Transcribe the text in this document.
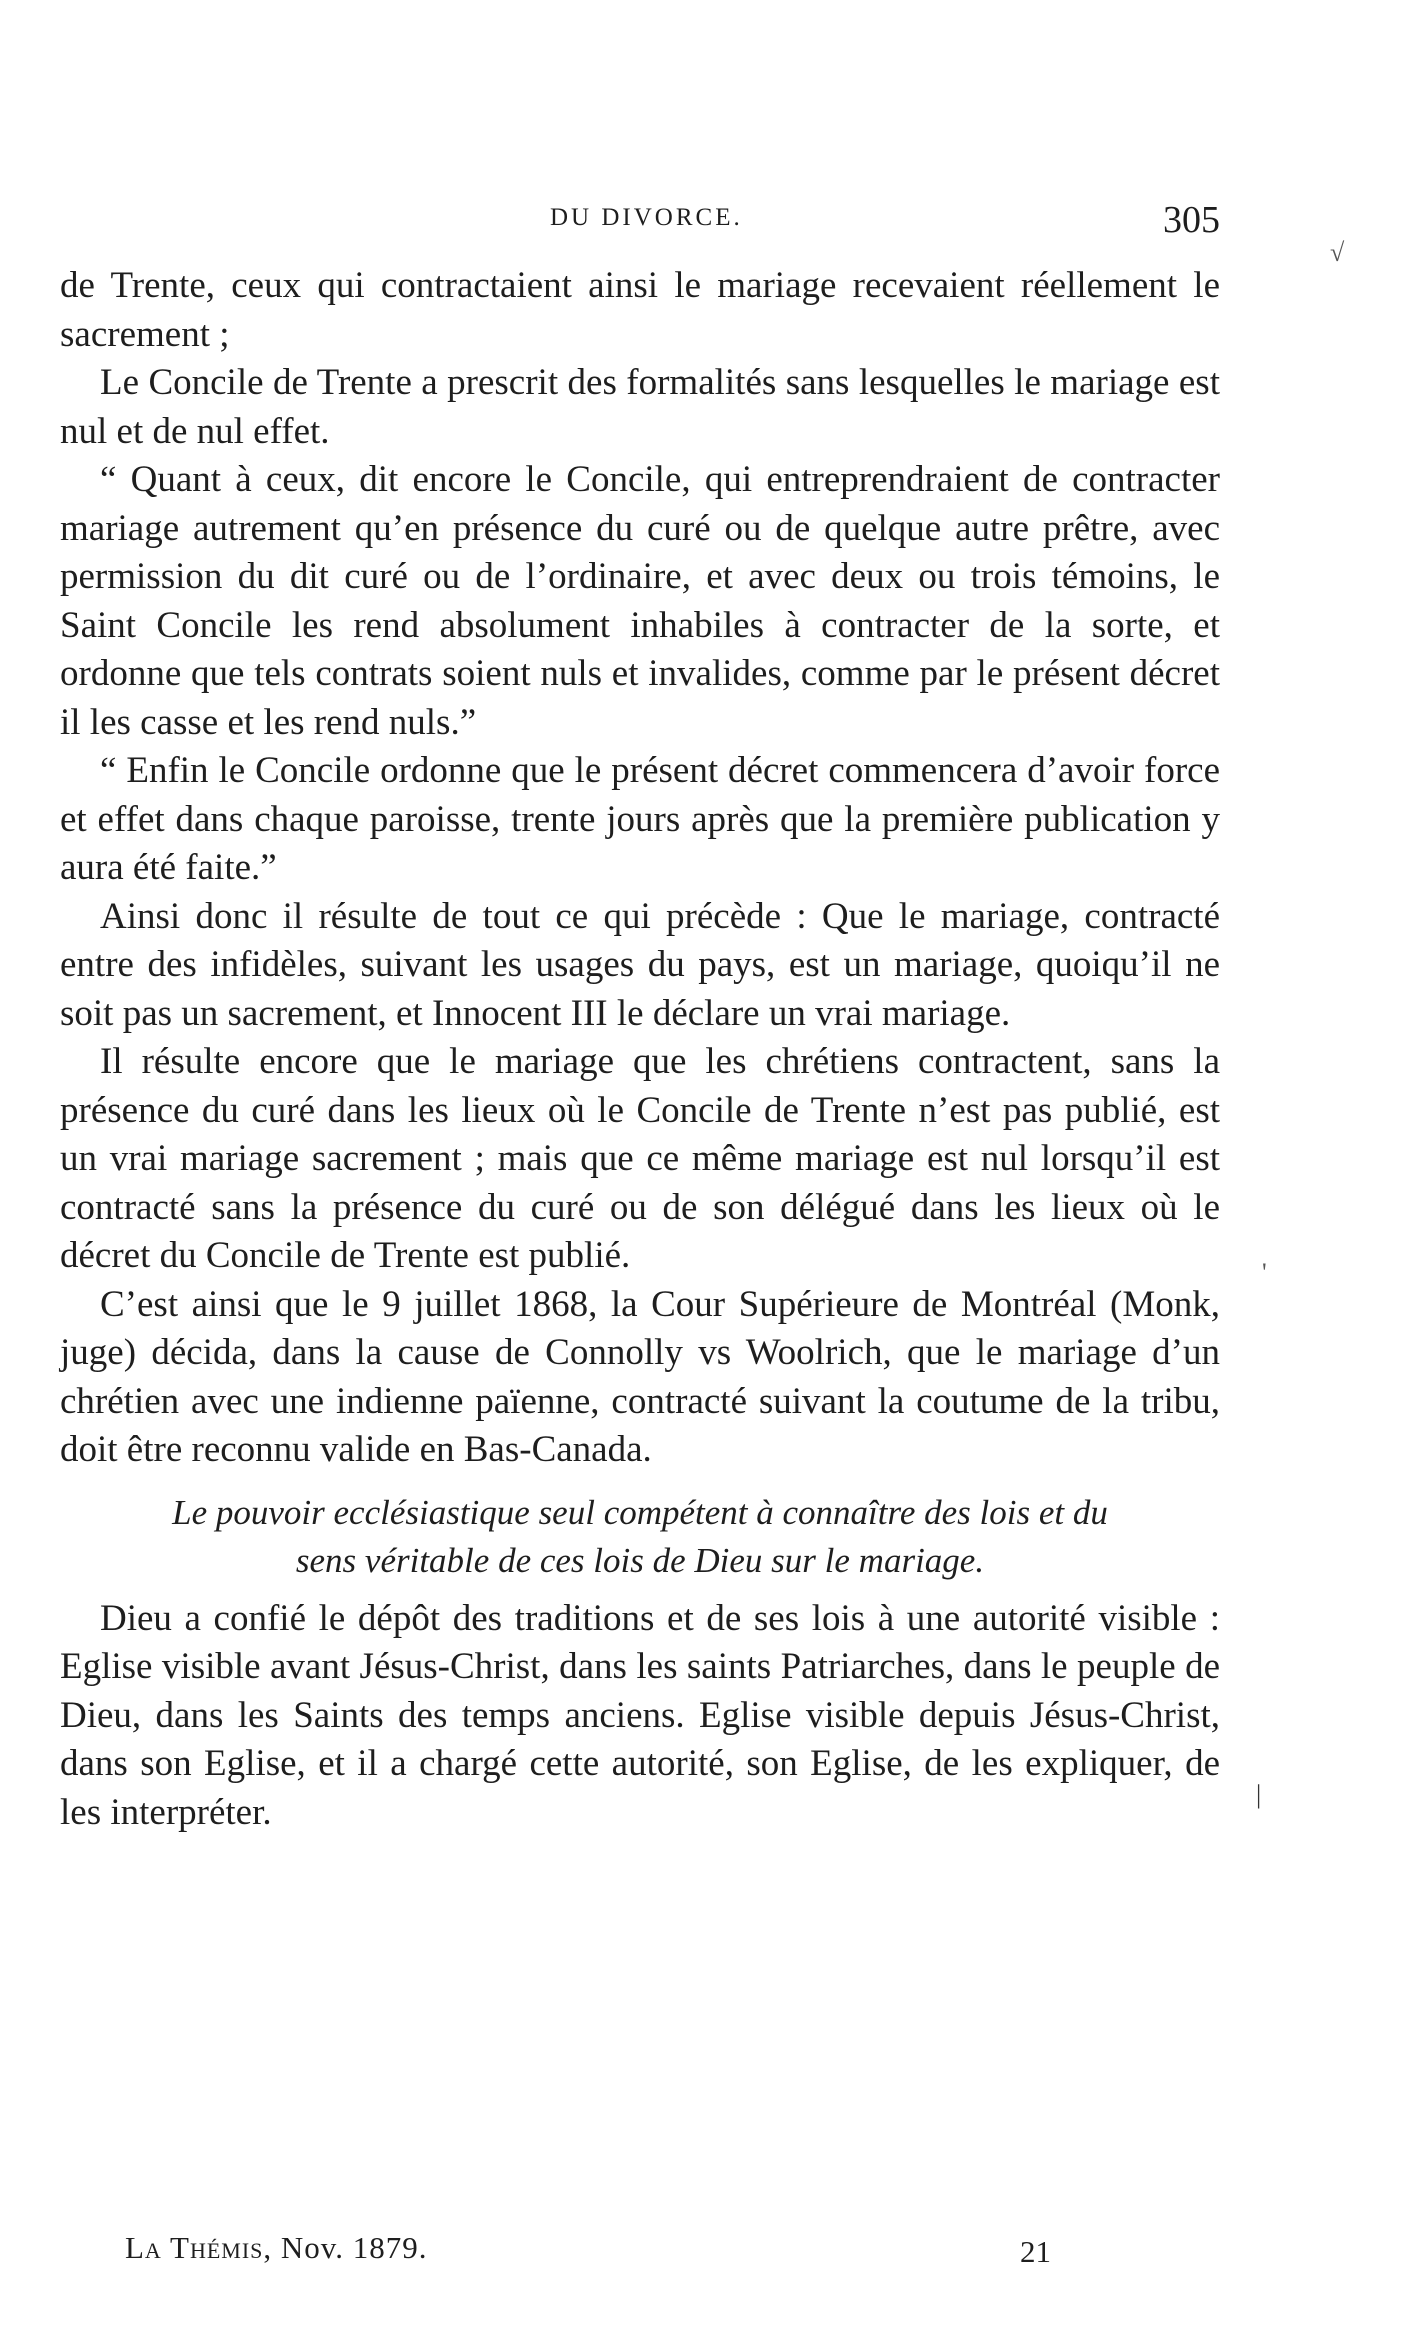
DU DIVORCE.	305
√
'
|

de Trente, ceux qui contractaient ainsi le mariage recevaient réellement le sacrement ;

Le Concile de Trente a prescrit des formalités sans lesquelles le mariage est nul et de nul effet.

“ Quant à ceux, dit encore le Concile, qui entreprendraient de contracter mariage autrement qu’en présence du curé ou de quelque autre prêtre, avec permission du dit curé ou de l’ordinaire, et avec deux ou trois témoins, le Saint Concile les rend absolument inhabiles à contracter de la sorte, et ordonne que tels contrats soient nuls et invalides, comme par le présent décret il les casse et les rend nuls.”

“ Enfin le Concile ordonne que le présent décret commencera d’avoir force et effet dans chaque paroisse, trente jours après que la première publication y aura été faite.”

Ainsi donc il résulte de tout ce qui précède : Que le mariage, contracté entre des infidèles, suivant les usages du pays, est un mariage, quoiqu’il ne soit pas un sacrement, et Innocent III le déclare un vrai mariage.

Il résulte encore que le mariage que les chrétiens contractent, sans la présence du curé dans les lieux où le Concile de Trente n’est pas publié, est un vrai mariage sacrement ; mais que ce même mariage est nul lorsqu’il est contracté sans la présence du curé ou de son délégué dans les lieux où le décret du Concile de Trente est publié.

C’est ainsi que le 9 juillet 1868, la Cour Supérieure de Montréal (Monk, juge) décida, dans la cause de Connolly vs Woolrich, que le mariage d’un chrétien avec une indienne païenne, contracté suivant la coutume de la tribu, doit être reconnu valide en Bas-Canada.

Le pouvoir ecclésiastique seul compétent à connaître des lois et du
sens véritable de ces lois de Dieu sur le mariage.

Dieu a confié le dépôt des traditions et de ses lois à une autorité visible : Eglise visible avant Jésus-Christ, dans les saints Patriarches, dans le peuple de Dieu, dans les Saints des temps anciens. Eglise visible depuis Jésus-Christ, dans son Eglise, et il a chargé cette autorité, son Eglise, de les expliquer, de les interpréter.

La Thémis, Nov. 1879.	21
